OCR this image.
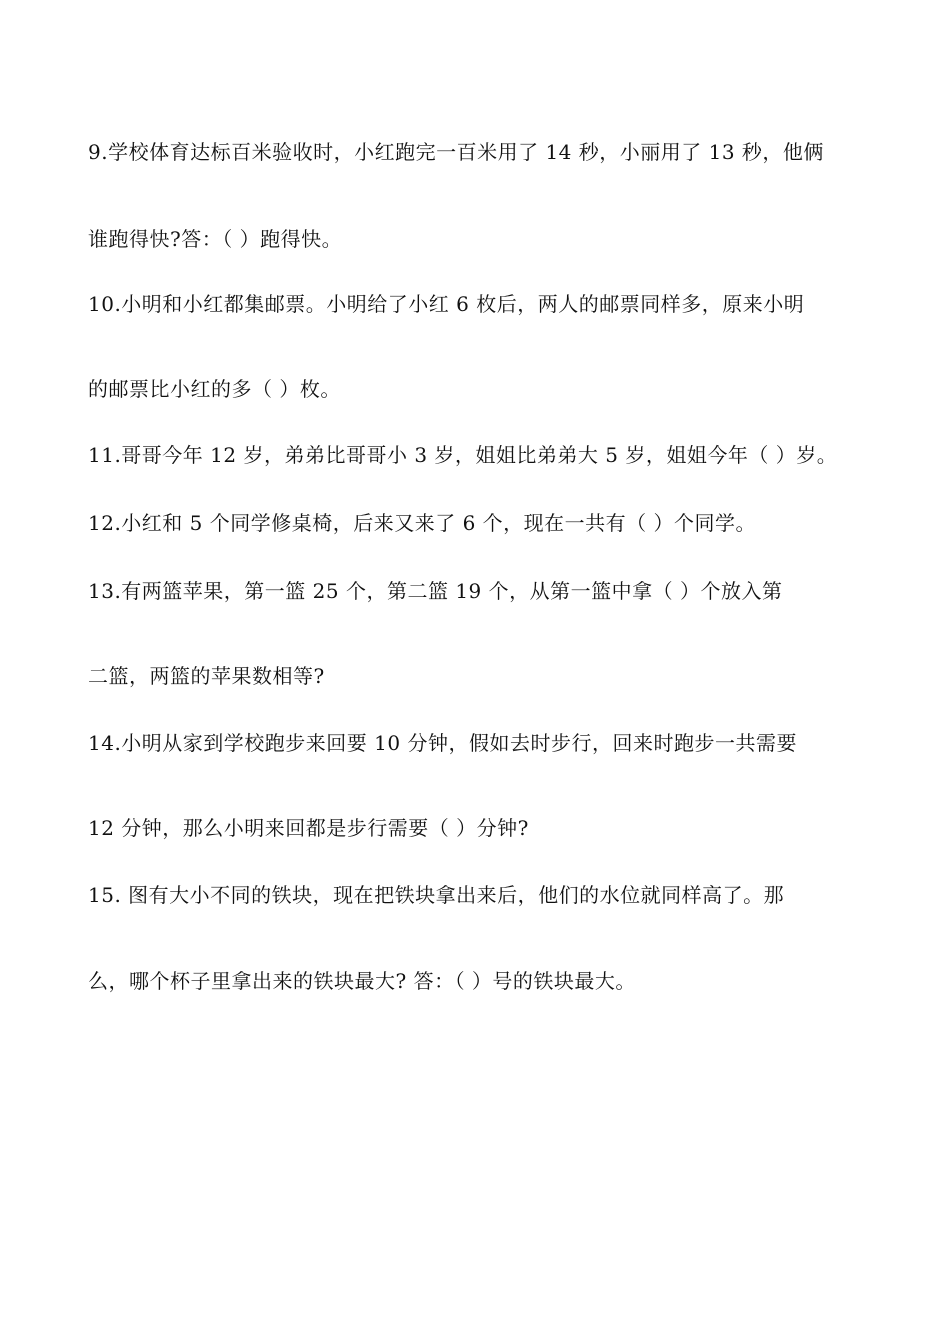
9.学校体育达标百米验收时，小红跑完一百米用了 14 秒，小丽用了 13 秒，他俩
谁跑得快?答：（ ）跑得快。
10.小明和小红都集邮票。小明给了小红 6 枚后，两人的邮票同样多，原来小明
的邮票比小红的多（ ）枚。
11.哥哥今年 12 岁，弟弟比哥哥小 3 岁，姐姐比弟弟大 5 岁，姐姐今年（ ）岁。
12.小红和 5 个同学修桌椅，后来又来了 6 个，现在一共有（ ）个同学。
13.有两篮苹果，第一篮 25 个，第二篮 19 个，从第一篮中拿（ ）个放入第
二篮，两篮的苹果数相等?
14.小明从家到学校跑步来回要 10 分钟，假如去时步行，回来时跑步一共需要
12 分钟，那么小明来回都是步行需要（ ）分钟?
15. 图有大小不同的铁块，现在把铁块拿出来后，他们的水位就同样高了。那
么，哪个杯子里拿出来的铁块最大? 答：（ ）号的铁块最大。
